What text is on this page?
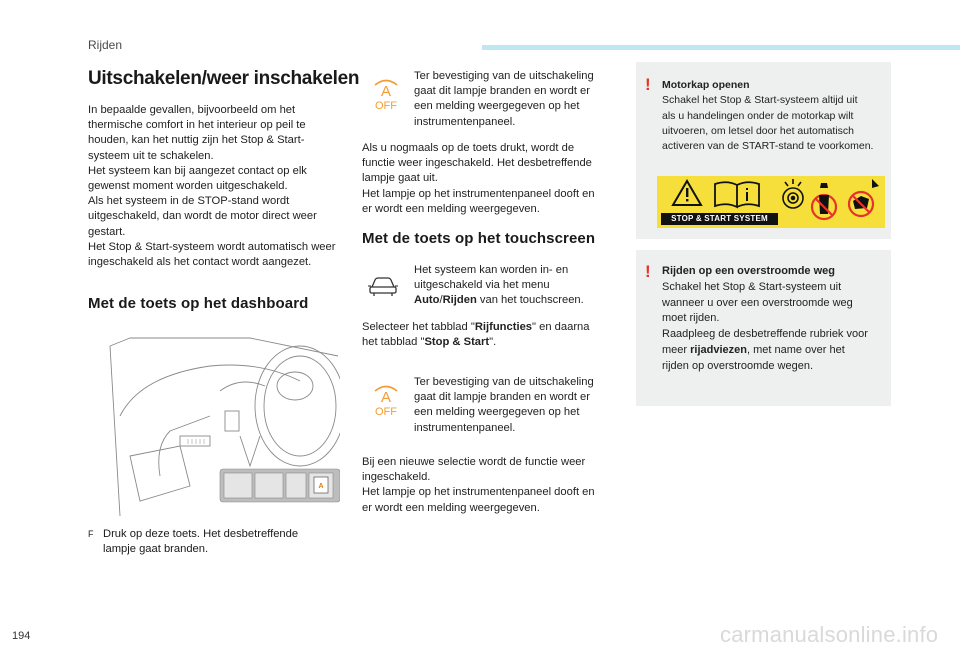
Rijden
Uitschakelen/weer inschakelen
In bepaalde gevallen, bijvoorbeeld om het
thermische comfort in het interieur op peil te
houden, kan het nuttig zijn het Stop & Start-
systeem uit te schakelen.
Het systeem kan bij aangezet contact op elk
gewenst moment worden uitgeschakeld.
Als het systeem in de STOP-stand wordt
uitgeschakeld, dan wordt de motor direct weer
gestart.
Het Stop & Start-systeem wordt automatisch weer
ingeschakeld als het contact wordt aangezet.
Met de toets op het dashboard
A
F Druk op deze toets. Het desbetreffende
lampje gaat branden.
A
OFF
Ter bevestiging van de uitschakeling
gaat dit lampje branden en wordt er
een melding weergegeven op het
instrumentenpaneel.
Als u nogmaals op de toets drukt, wordt de
functie weer ingeschakeld. Het desbetreffende
lampje gaat uit.
Het lampje op het instrumentenpaneel dooft en
er wordt een melding weergegeven.
Met de toets op het touchscreen
Het systeem kan worden in- en
uitgeschakeld via het menu
Auto/Rijden van het touchscreen.
Selecteer het tabblad "Rijfuncties" en daarna
het tabblad "Stop & Start".
A
OFF
Ter bevestiging van de uitschakeling
gaat dit lampje branden en wordt er
een melding weergegeven op het
instrumentenpaneel.
Bij een nieuwe selectie wordt de functie weer
ingeschakeld.
Het lampje op het instrumentenpaneel dooft en
er wordt een melding weergegeven.
! Motorkap openen
Schakel het Stop & Start-systeem altijd uit
als u handelingen onder de motorkap wilt
uitvoeren, om letsel door het automatisch
activeren van de START-stand te voorkomen.
STOP & START SYSTEM
! Rijden op een overstroomde weg
Schakel het Stop & Start-systeem uit
wanneer u over een overstroomde weg
moet rijden.
Raadpleeg de desbetreffende rubriek voor
meer rijadviezen, met name over het
rijden op overstroomde wegen.
194	carmanualsonline.info
